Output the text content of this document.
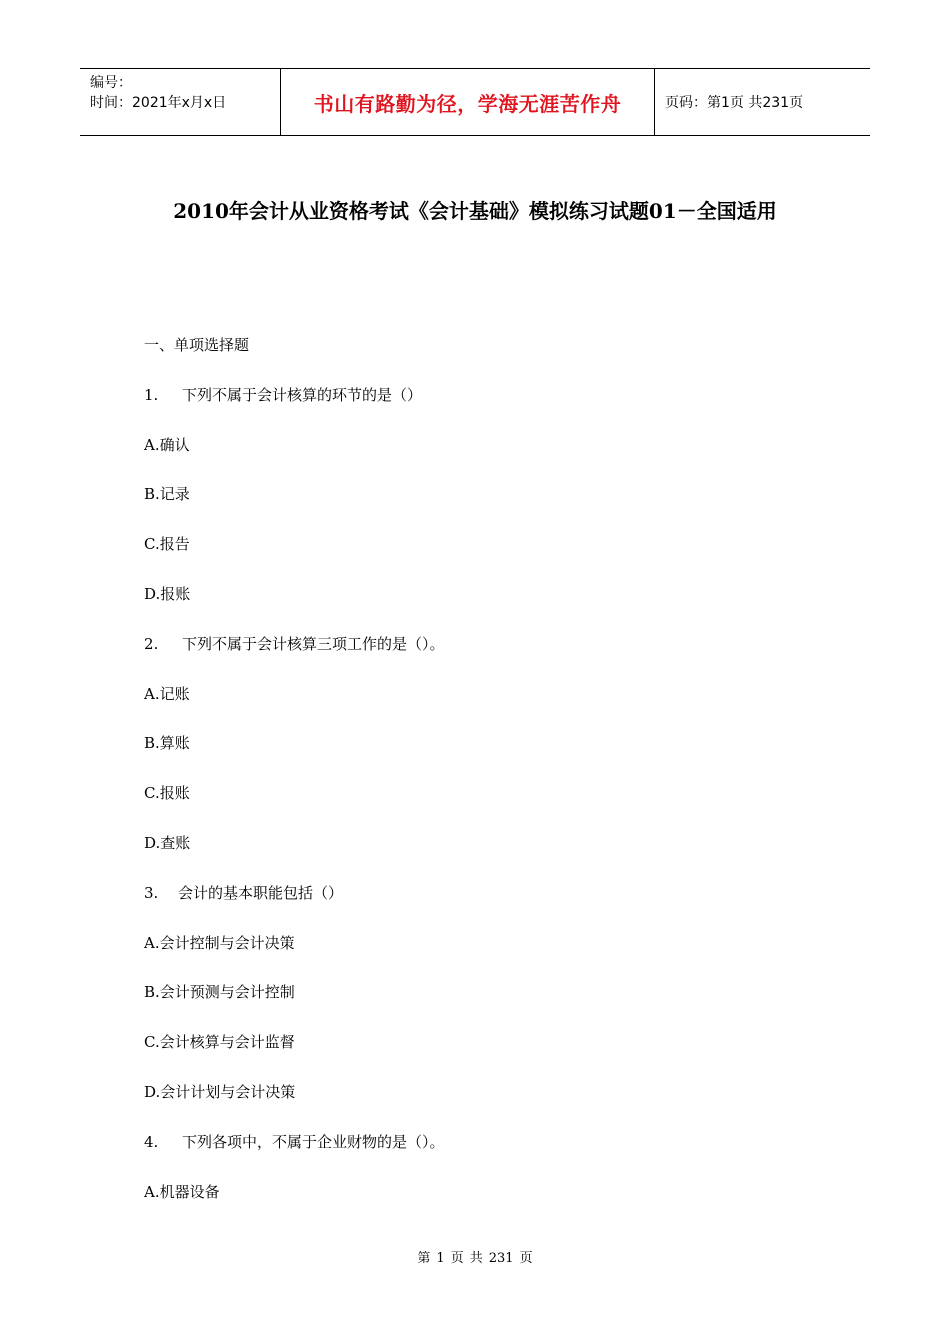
编号：
时间：2021年x月x日	书山有路勤为径，学海无涯苦作舟	页码：第1页 共231页
2010年会计从业资格考试《会计基础》模拟练习试题01－全国适用
一、单项选择题
1. 下列不属于会计核算的环节的是（）
A.确认
B.记录
C.报告
D.报账
2. 下列不属于会计核算三项工作的是（）。
A.记账
B.算账
C.报账
D.查账
3. 会计的基本职能包括（）
A.会计控制与会计决策
B.会计预测与会计控制
C.会计核算与会计监督
D.会计计划与会计决策
4. 下列各项中，不属于企业财物的是（）。
A.机器设备
第 1 页 共 231 页
